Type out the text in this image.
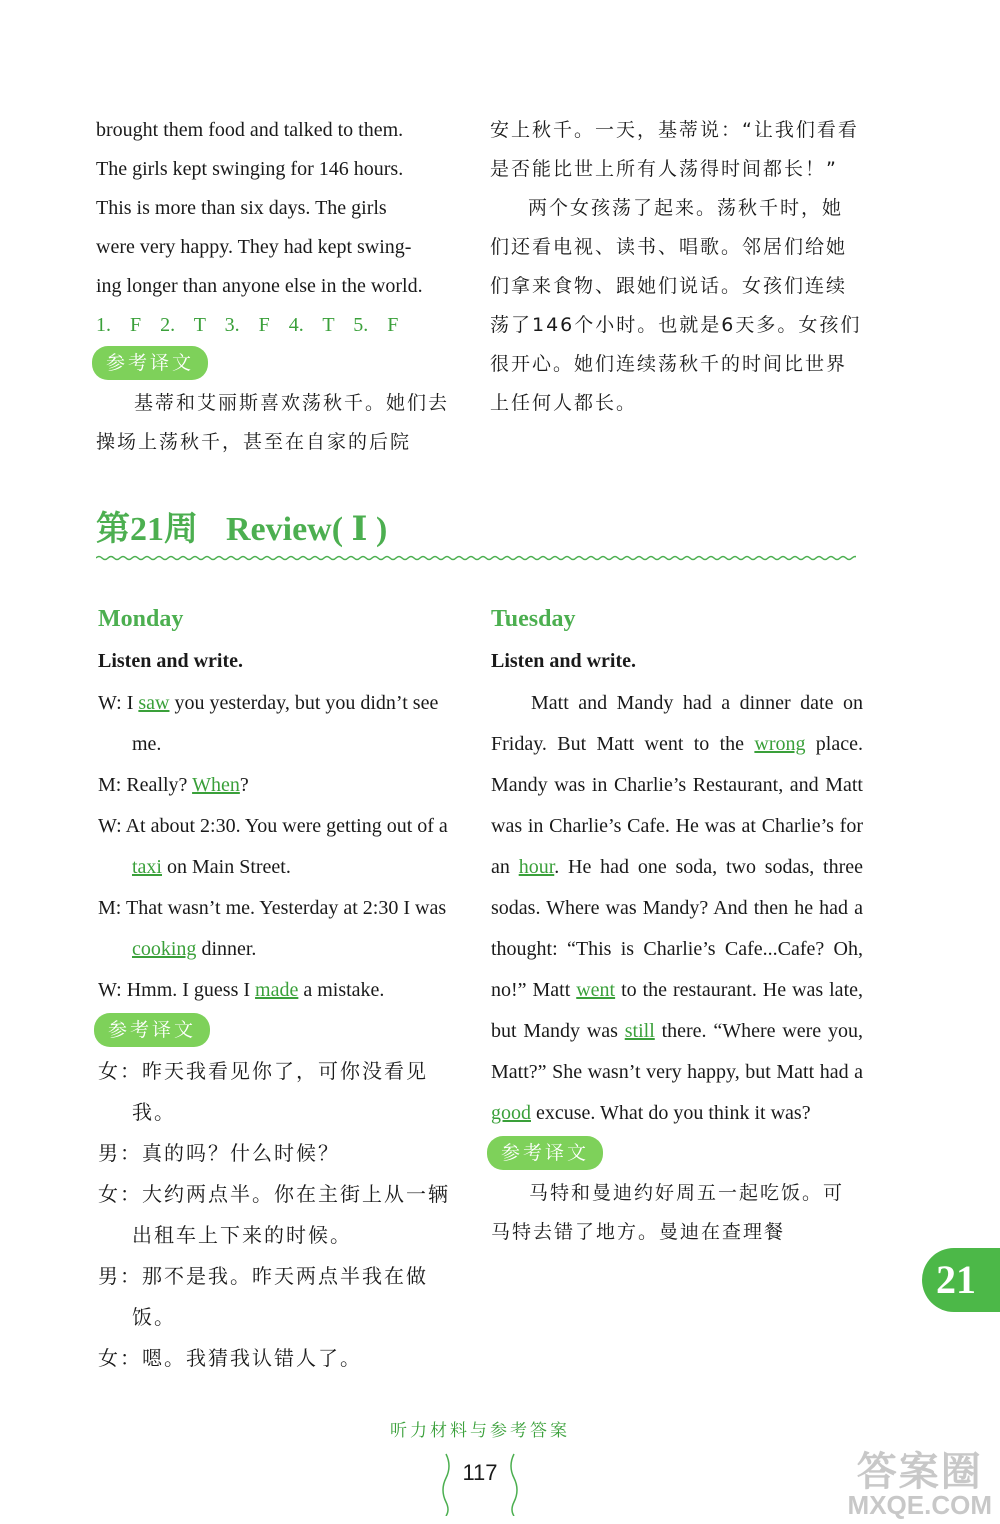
brought them food and talked to them.

The girls kept swinging for 146 hours.

This is more than six days. The girls

were very happy. They had kept swing-

ing longer than anyone else in the world.

1. F 2. T 3. F 4. T 5. F

参考译文

基蒂和艾丽斯喜欢荡秋千。她们去操场上荡秋千，甚至在自家的后院

安上秋千。一天，基蒂说：“让我们看看是否能比世上所有人荡得时间都长！”

两个女孩荡了起来。荡秋千时，她们还看电视、读书、唱歌。邻居们给她们拿来食物、跟她们说话。女孩们连续荡了146个小时。也就是6天多。女孩们很开心。她们连续荡秋千的时间比世界上任何人都长。

第21周 Review( Ⅰ )
Monday

Listen and write.

W: I saw you yesterday, but you didn’t see me.

M: Really? When?

W: At about 2:30. You were getting out of a taxi on Main Street.

M: That wasn’t me. Yesterday at 2:30 I was cooking dinner.

W: Hmm. I guess I made a mistake.

参考译文

女：昨天我看见你了，可你没看见我。

男：真的吗？什么时候？

女：大约两点半。你在主街上从一辆出租车上下来的时候。

男：那不是我。昨天两点半我在做饭。

女：嗯。我猜我认错人了。

Tuesday

Listen and write.

Matt and Mandy had a dinner date on Friday. But Matt went to the wrong place. Mandy was in Charlie’s Restaurant, and Matt was in Charlie’s Cafe. He was at Charlie’s for an hour. He had one soda, two sodas, three sodas. Where was Mandy? And then he had a thought: “This is Charlie’s Cafe...Cafe? Oh, no!” Matt went to the restaurant. He was late, but Mandy was still there. “Where were you, Matt?” She wasn’t very happy, but Matt had a good excuse. What do you think it was?

参考译文

马特和曼迪约好周五一起吃饭。可马特去错了地方。曼迪在查理餐

21
听力材料与参考答案
117	答案圈
MXQE.COM
